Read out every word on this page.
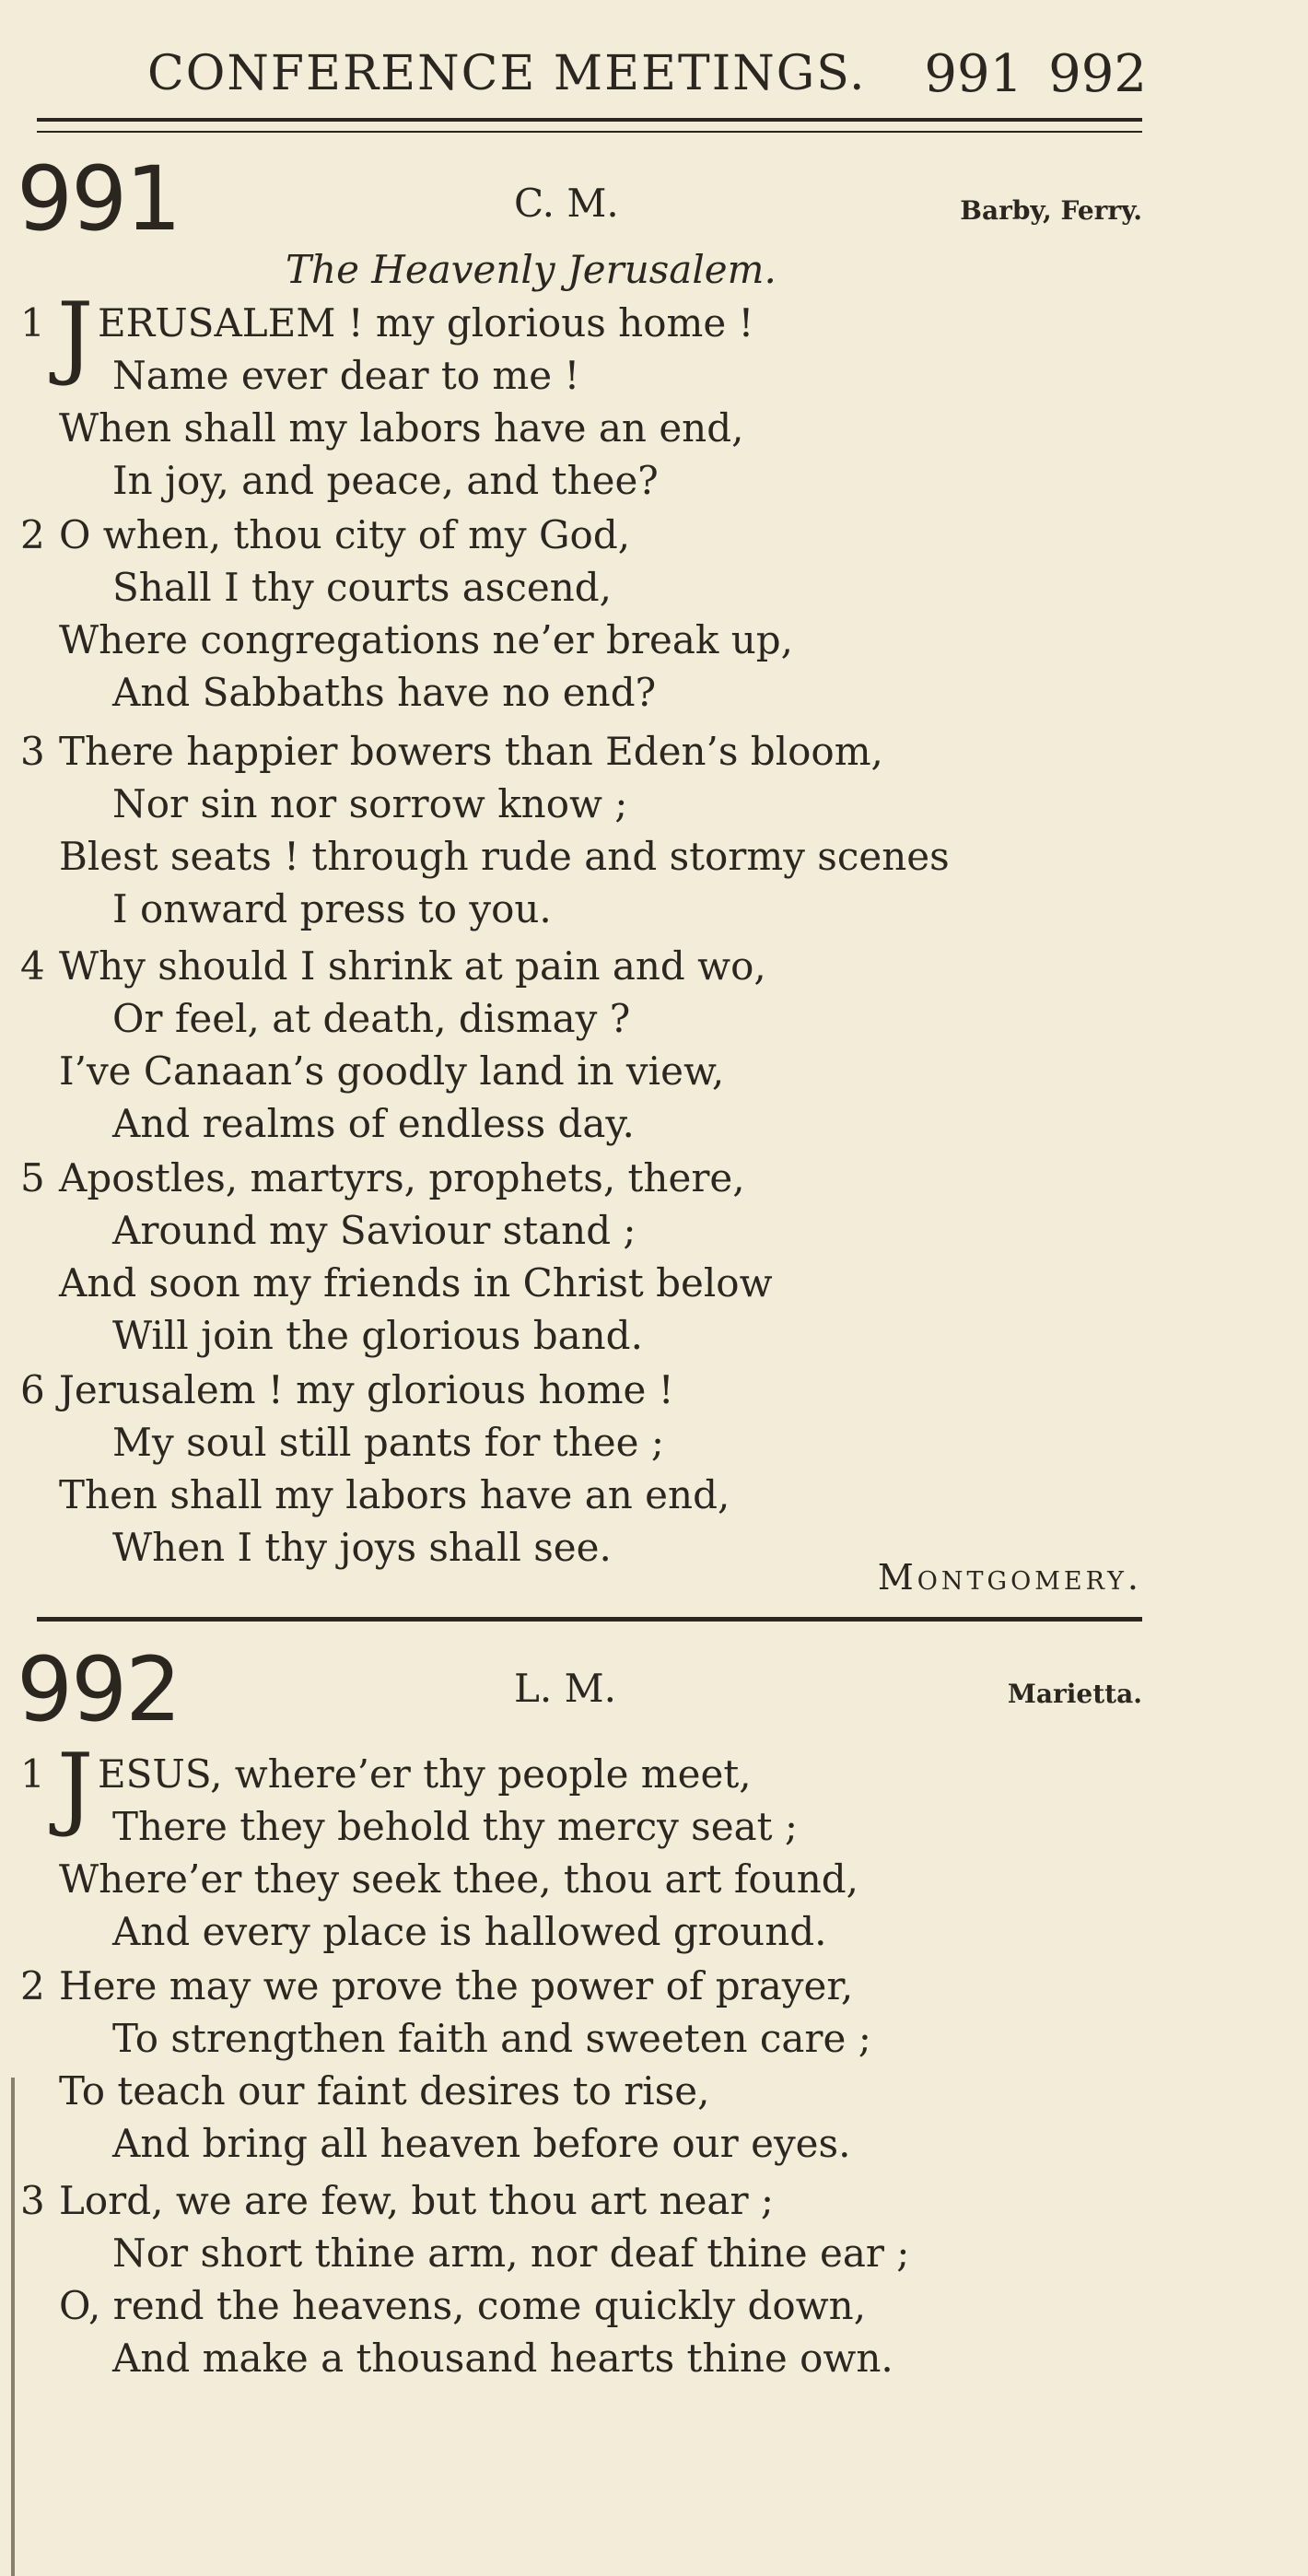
CONFERENCE MEETINGS. 991 992
991	C. M.	Barby, Ferry.
The Heavenly Jerusalem.
1 J ERUSALEM ! my glorious home !
Name ever dear to me !
When shall my labors have an end,
In joy, and peace, and thee?
2 O when, thou city of my God,
Shall I thy courts ascend,
Where congregations ne’er break up,
And Sabbaths have no end?
3 There happier bowers than Eden’s bloom,
Nor sin nor sorrow know ;
Blest seats ! through rude and stormy scenes
I onward press to you.
4 Why should I shrink at pain and wo,
Or feel, at death, dismay ?
I’ve Canaan’s goodly land in view,
And realms of endless day.
5 Apostles, martyrs, prophets, there,
Around my Saviour stand ;
And soon my friends in Christ below
Will join the glorious band.
6 Jerusalem ! my glorious home !
My soul still pants for thee ;
Then shall my labors have an end,
When I thy joys shall see.
Montgomery.
992	L. M.	Marietta.
1 J ESUS, where’er thy people meet,
There they behold thy mercy seat ;
Where’er they seek thee, thou art found,
And every place is hallowed ground.
2 Here may we prove the power of prayer,
To strengthen faith and sweeten care ;
To teach our faint desires to rise,
And bring all heaven before our eyes.
3 Lord, we are few, but thou art near ;
Nor short thine arm, nor deaf thine ear ;
O, rend the heavens, come quickly down,
And make a thousand hearts thine own.
